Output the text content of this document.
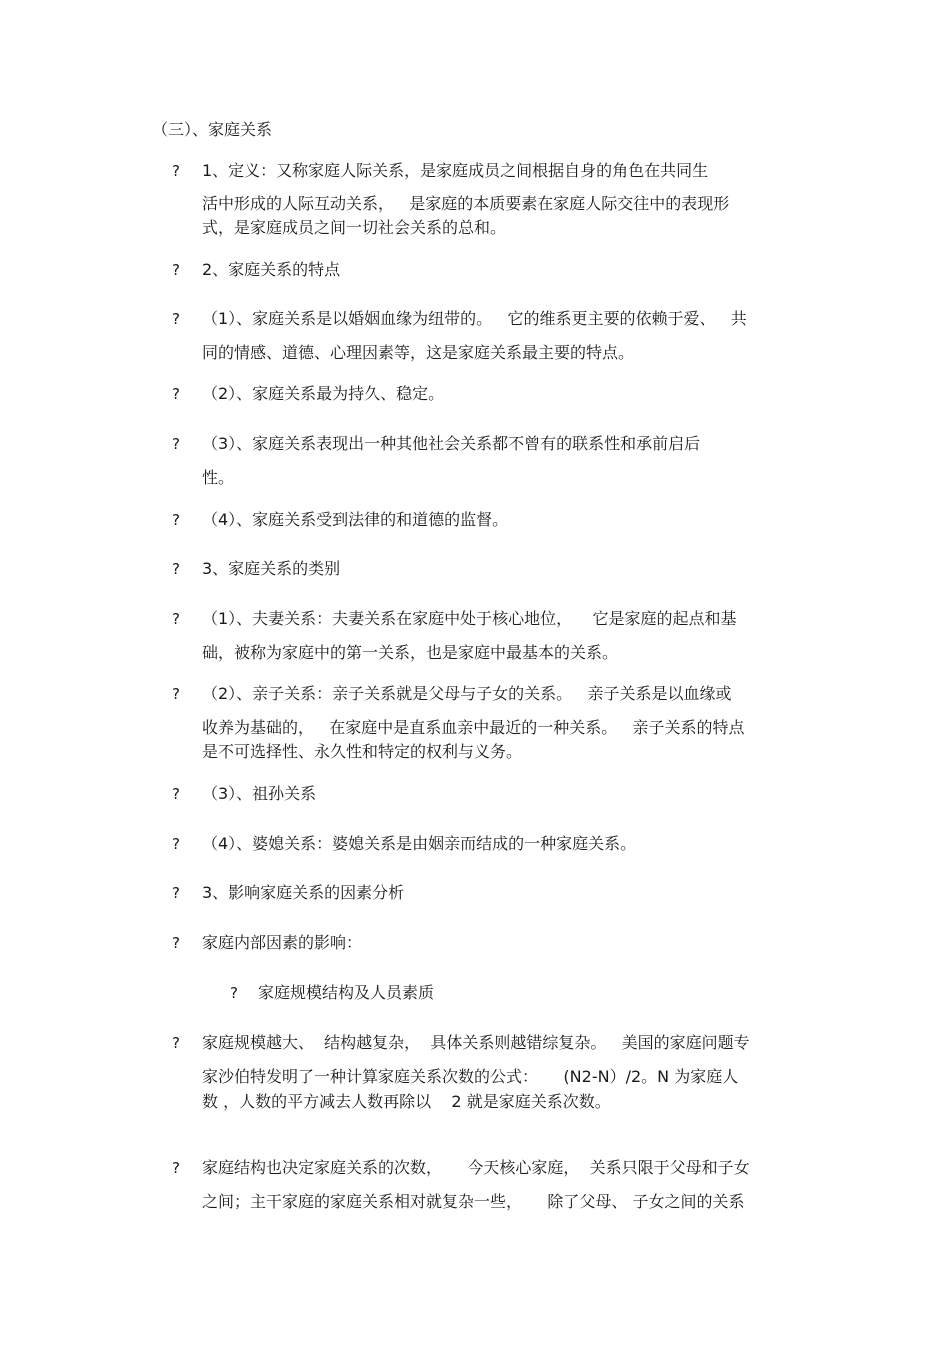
（三）、家庭关系
? 1、定义：又称家庭人际关系，是家庭成员之间根据自身的角色在共同生
活中形成的人际互动关系，   是家庭的本质要素在家庭人际交往中的表现形
式，是家庭成员之间一切社会关系的总和。
? 2、家庭关系的特点
? （1）、家庭关系是以婚姻血缘为纽带的。   它的维系更主要的依赖于爱、   共
同的情感、道德、心理因素等，这是家庭关系最主要的特点。
? （2）、家庭关系最为持久、稳定。
? （3）、家庭关系表现出一种其他社会关系都不曾有的联系性和承前启后
性。
? （4）、家庭关系受到法律的和道德的监督。
? 3、家庭关系的类别
? （1）、夫妻关系：夫妻关系在家庭中处于核心地位，    它是家庭的起点和基
础，被称为家庭中的第一关系，也是家庭中最基本的关系。
? （2）、亲子关系：亲子关系就是父母与子女的关系。   亲子关系是以血缘或
收养为基础的，   在家庭中是直系血亲中最近的一种关系。   亲子关系的特点
是不可选择性、永久性和特定的权利与义务。
? （3）、祖孙关系
? （4）、婆媳关系：婆媳关系是由姻亲而结成的一种家庭关系。
? 3、影响家庭关系的因素分析
? 家庭内部因素的影响：
? 家庭规模结构及人员素质
? 家庭规模越大、  结构越复杂，  具体关系则越错综复杂。   美国的家庭问题专
家沙伯特发明了一种计算家庭关系次数的公式：     (N2-N）/2。N 为家庭人
数 ，人数的平方减去人数再除以    2 就是家庭关系次数。
? 家庭结构也决定家庭关系的次数，     今天核心家庭，  关系只限于父母和子女
之间；主干家庭的家庭关系相对就复杂一些，     除了父母、 子女之间的关系
